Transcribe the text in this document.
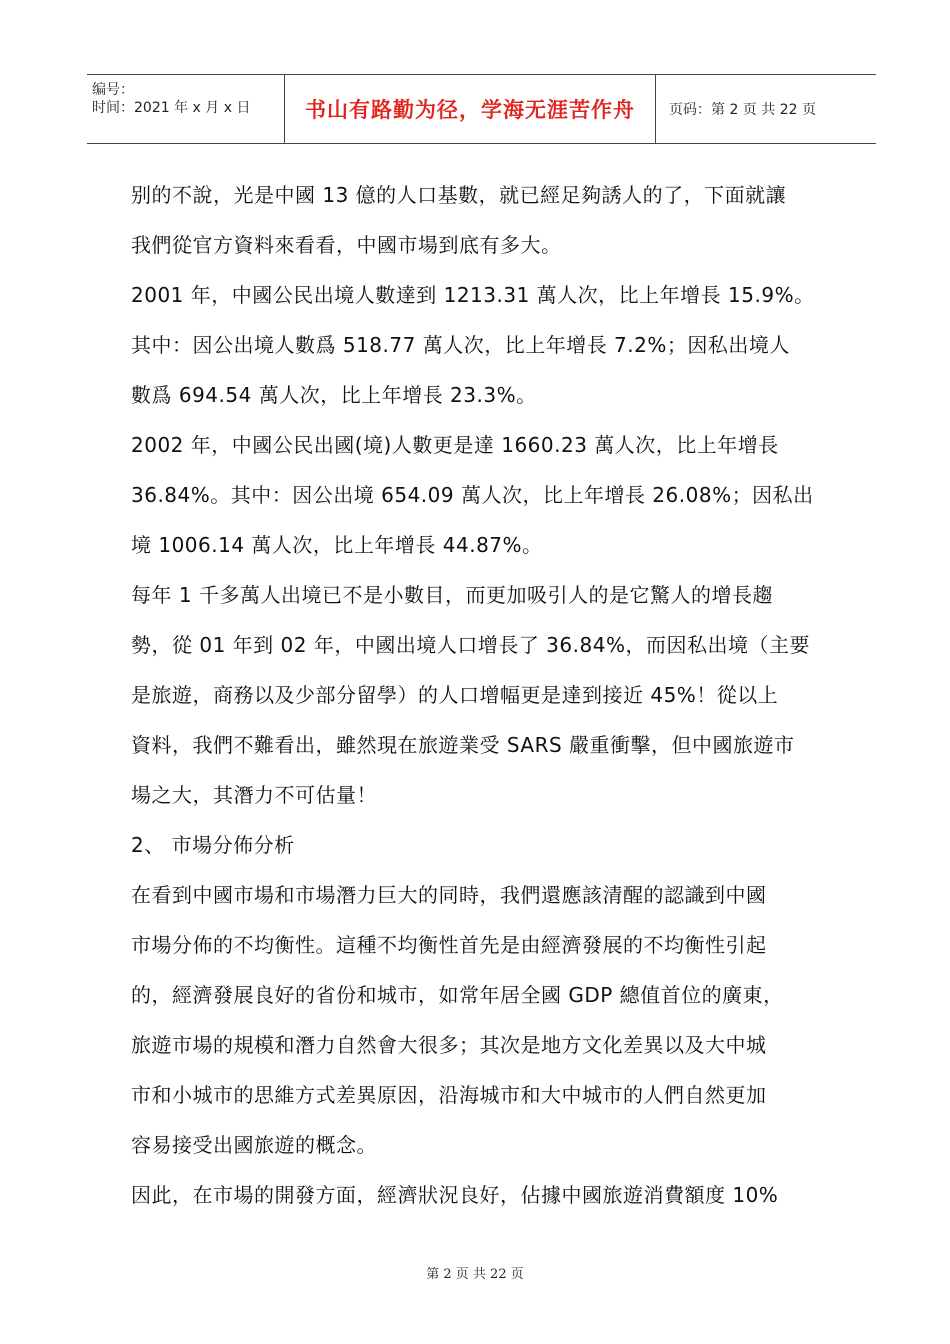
编号：
时间：2021 年 x 月 x 日	书山有路勤为径，学海无涯苦作舟	页码：第 2 页 共 22 页
别的不說，光是中國 13 億的人口基數，就已經足夠誘人的了，下面就讓
我們從官方資料來看看，中國市場到底有多大。
2001 年，中國公民出境人數達到 1213.31 萬人次，比上年增長 15.9%。
其中：因公出境人數爲 518.77 萬人次，比上年增長 7.2%；因私出境人
數爲 694.54 萬人次，比上年增長 23.3%。
2002 年，中國公民出國(境)人數更是達 1660.23 萬人次，比上年增長
36.84%。其中：因公出境 654.09 萬人次，比上年增長 26.08%；因私出
境 1006.14 萬人次，比上年增長 44.87%。
每年 1 千多萬人出境已不是小數目，而更加吸引人的是它驚人的增長趨
勢，從 01 年到 02 年，中國出境人口增長了 36.84%，而因私出境（主要
是旅遊，商務以及少部分留學）的人口增幅更是達到接近 45%！從以上
資料，我們不難看出，雖然現在旅遊業受 SARS 嚴重衝擊，但中國旅遊市
場之大，其潛力不可估量！
2、 市場分佈分析
在看到中國市場和市場潛力巨大的同時，我們還應該清醒的認識到中國
市場分佈的不均衡性。這種不均衡性首先是由經濟發展的不均衡性引起
的，經濟發展良好的省份和城市，如常年居全國 GDP 總值首位的廣東，
旅遊市場的規模和潛力自然會大很多；其次是地方文化差異以及大中城
市和小城市的思維方式差異原因，沿海城市和大中城市的人們自然更加
容易接受出國旅遊的概念。
因此，在市場的開發方面，經濟狀況良好，佔據中國旅遊消費額度 10%
第 2 页 共 22 页
